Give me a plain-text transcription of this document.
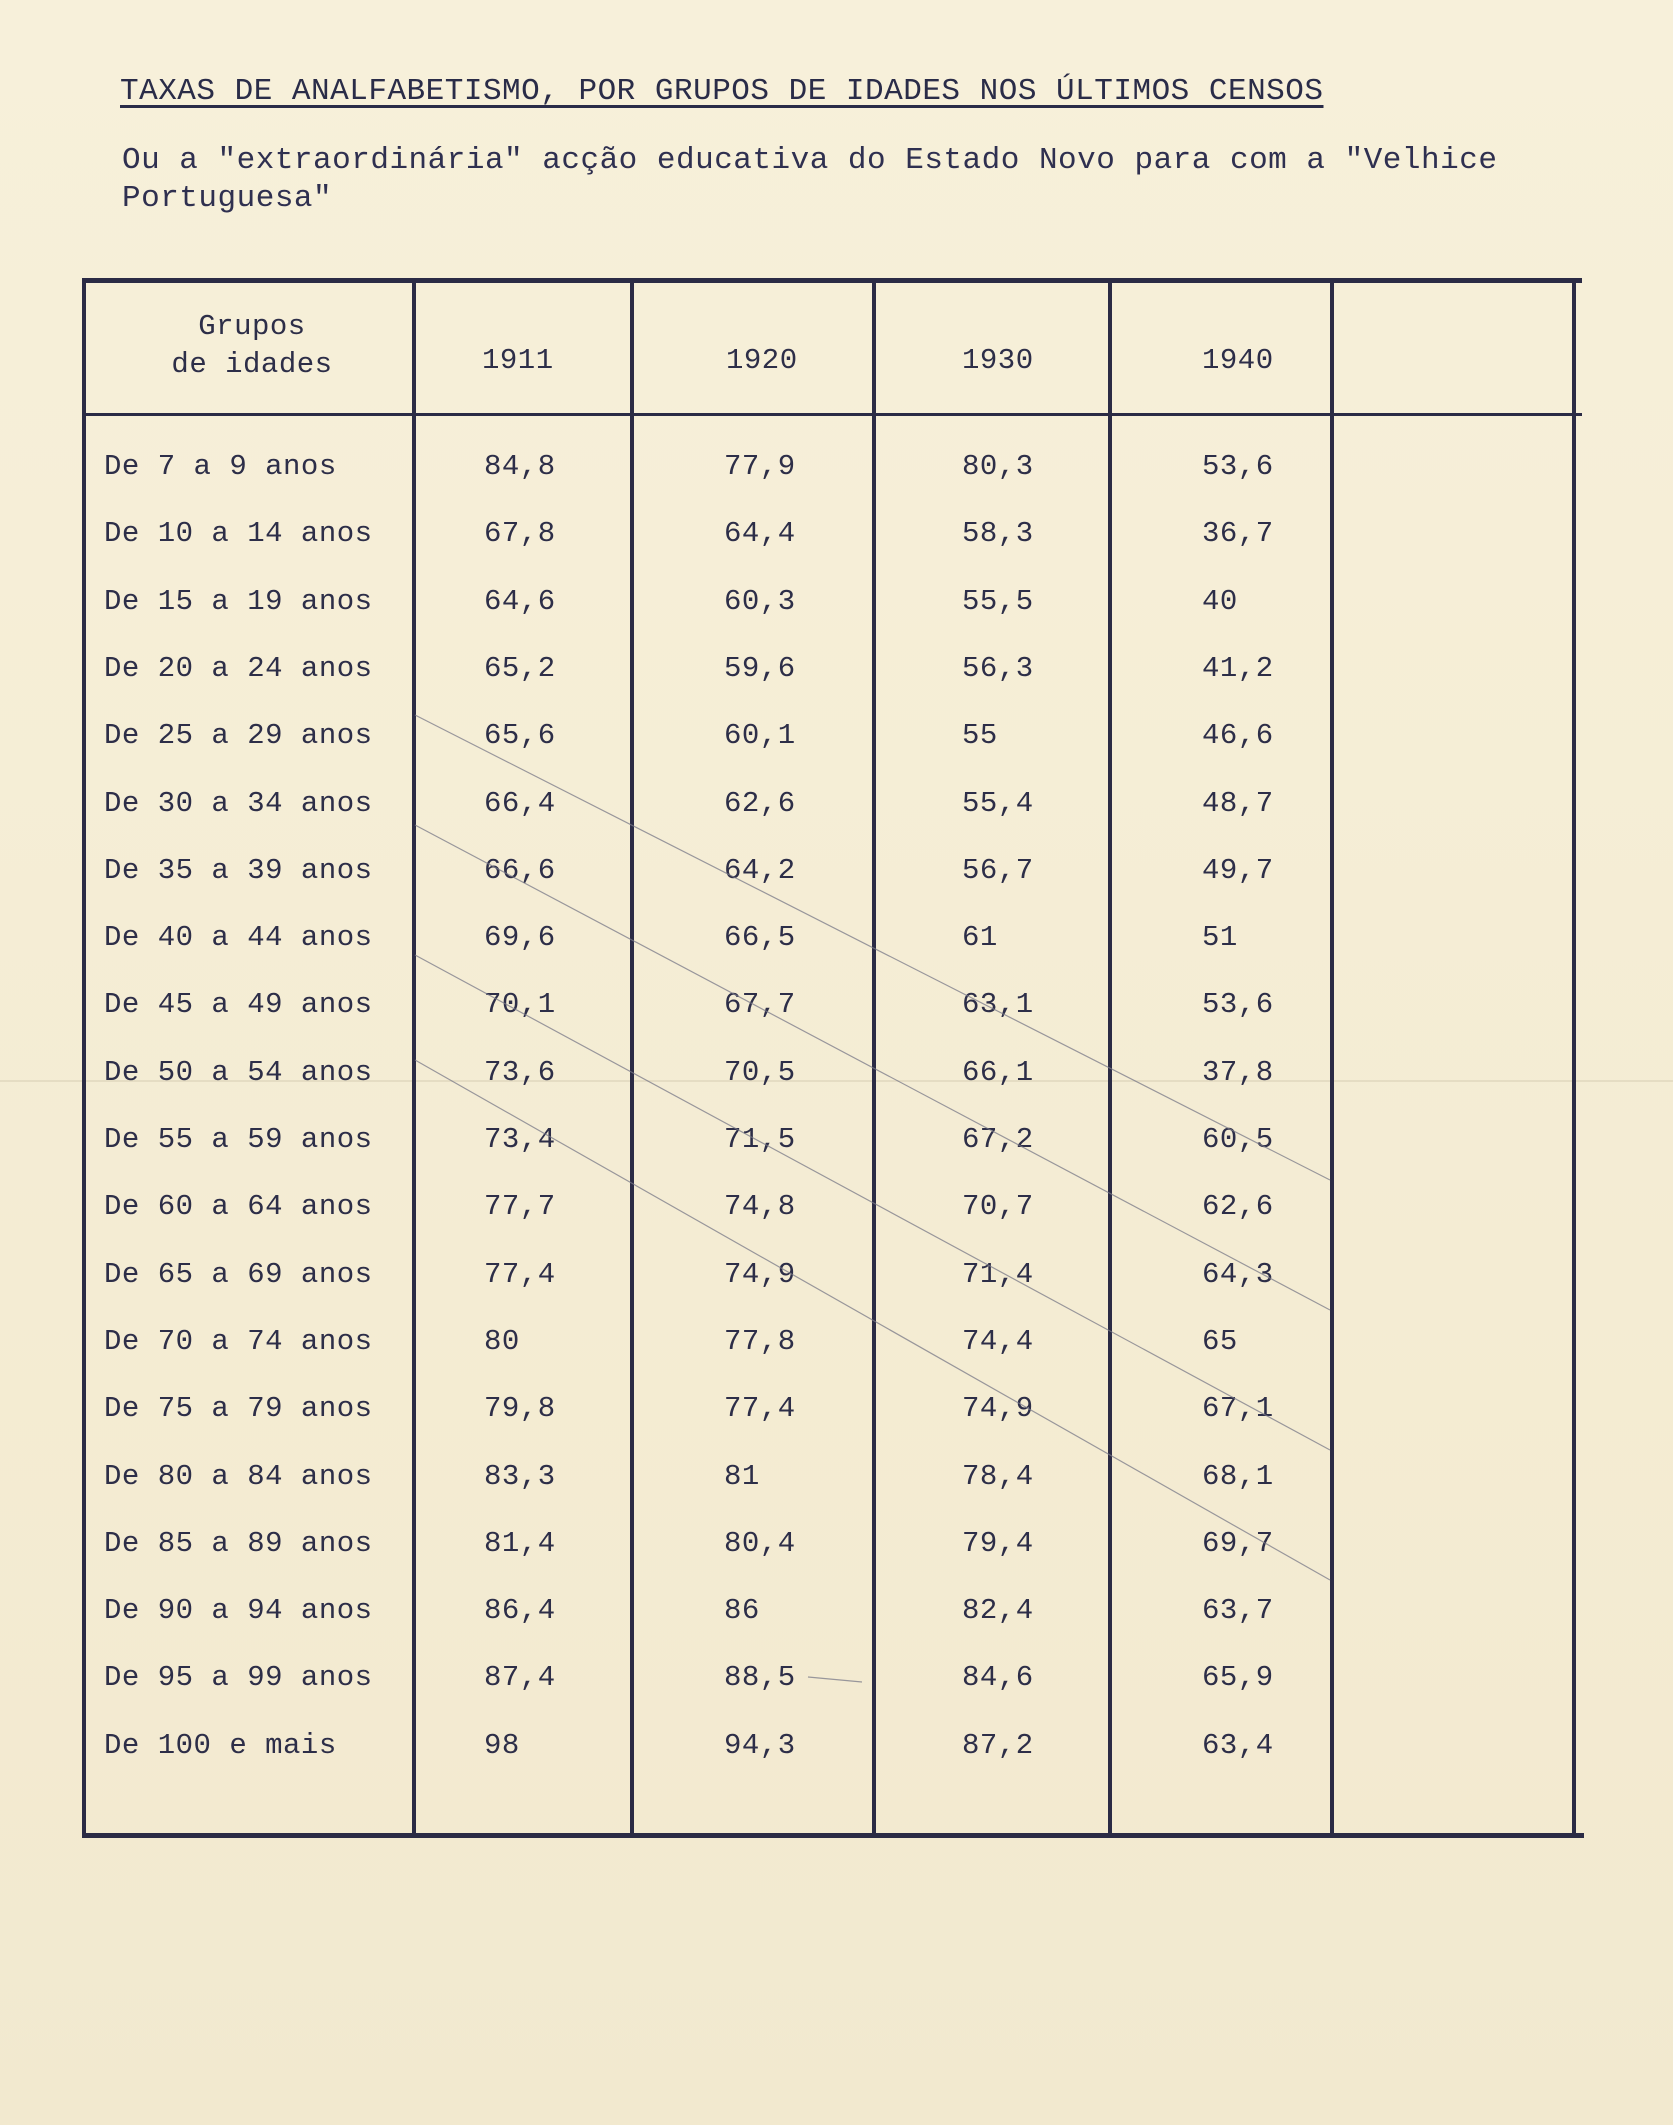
TAXAS DE ANALFABETISMO, POR GRUPOS DE IDADES NOS ÚLTIMOS CENSOS
Ou a "extraordinária" acção educativa do Estado Novo para com a "Velhice
Portuguesa"
Grupos
de idades	1911	1920	1930	1940
De 7 a 9 anos	84,8	77,9	80,3	53,6
De 10 a 14 anos	67,8	64,4	58,3	36,7
De 15 a 19 anos	64,6	60,3	55,5	40
De 20 a 24 anos	65,2	59,6	56,3	41,2
De 25 a 29 anos	65,6	60,1	55	46,6
De 30 a 34 anos	66,4	62,6	55,4	48,7
De 35 a 39 anos	66,6	64,2	56,7	49,7
De 40 a 44 anos	69,6	66,5	61	51
De 45 a 49 anos	70,1	67,7	63,1	53,6
De 50 a 54 anos	73,6	70,5	66,1	37,8
De 55 a 59 anos	73,4	71,5	67,2	60,5
De 60 a 64 anos	77,7	74,8	70,7	62,6
De 65 a 69 anos	77,4	74,9	71,4	64,3
De 70 a 74 anos	80	77,8	74,4	65
De 75 a 79 anos	79,8	77,4	74,9	67,1
De 80 a 84 anos	83,3	81	78,4	68,1
De 85 a 89 anos	81,4	80,4	79,4	69,7
De 90 a 94 anos	86,4	86	82,4	63,7
De 95 a 99 anos	87,4	88,5	84,6	65,9
De 100 e mais	98	94,3	87,2	63,4
